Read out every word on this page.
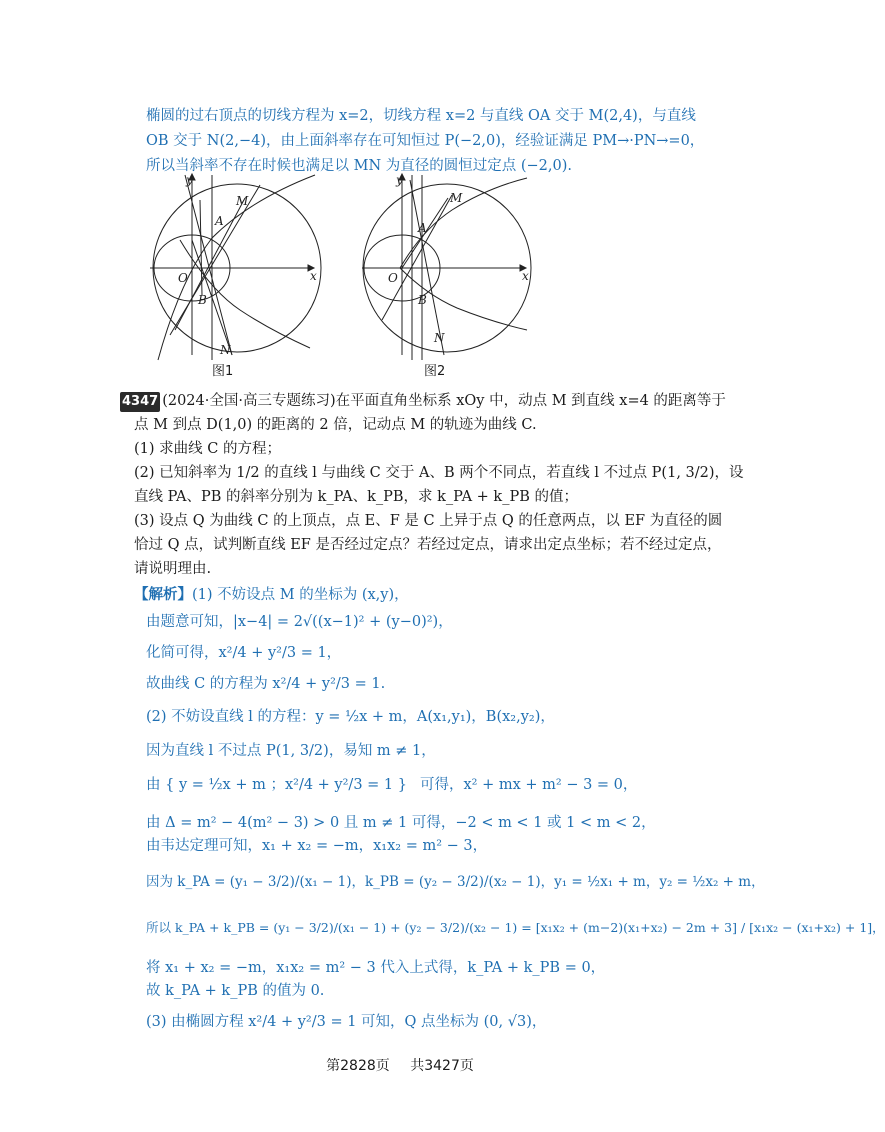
椭圆的过右顶点的切线方程为 x=2，切线方程 x=2 与直线 OA 交于 M(2,4)，与直线
OB 交于 N(2,−4)，由上面斜率存在可知恒过 P(−2,0)，经验证满足 PM→·PN→=0，
所以当斜率不存在时候也满足以 MN 为直径的圆恒过定点 (−2,0).
y
x
O
A
M
B
N
图1
y
x
O
A
M
B
N
图2
4347 (2024·全国·高三专题练习)在平面直角坐标系 xOy 中，动点 M 到直线 x=4 的距离等于
点 M 到点 D(1,0) 的距离的 2 倍，记动点 M 的轨迹为曲线 C.
(1) 求曲线 C 的方程；
(2) 已知斜率为 1/2 的直线 l 与曲线 C 交于 A、B 两个不同点，若直线 l 不过点 P(1, 3/2)，设
直线 PA、PB 的斜率分别为 k_PA、k_PB，求 k_PA + k_PB 的值；
(3) 设点 Q 为曲线 C 的上顶点，点 E、F 是 C 上异于点 Q 的任意两点，以 EF 为直径的圆
恰过 Q 点，试判断直线 EF 是否经过定点？若经过定点，请求出定点坐标；若不经过定点，
请说明理由.
【解析】(1) 不妨设点 M 的坐标为 (x,y)，
由题意可知，|x−4| = 2√((x−1)² + (y−0)²)，
化简可得，x²/4 + y²/3 = 1，
故曲线 C 的方程为 x²/4 + y²/3 = 1.
(2) 不妨设直线 l 的方程：y = ½x + m，A(x₁,y₁)，B(x₂,y₂)，
因为直线 l 不过点 P(1, 3/2)，易知 m ≠ 1，
由 { y = ½x + m ；x²/4 + y²/3 = 1 } 可得，x² + mx + m² − 3 = 0，
由 Δ = m² − 4(m² − 3) > 0 且 m ≠ 1 可得，−2 < m < 1 或 1 < m < 2，
由韦达定理可知，x₁ + x₂ = −m，x₁x₂ = m² − 3，
因为 k_PA = (y₁ − 3/2)/(x₁ − 1)，k_PB = (y₂ − 3/2)/(x₂ − 1)，y₁ = ½x₁ + m，y₂ = ½x₂ + m，
所以 k_PA + k_PB = (y₁ − 3/2)/(x₁ − 1) + (y₂ − 3/2)/(x₂ − 1) = [x₁x₂ + (m−2)(x₁+x₂) − 2m + 3] / [x₁x₂ − (x₁+x₂) + 1]，
将 x₁ + x₂ = −m，x₁x₂ = m² − 3 代入上式得，k_PA + k_PB = 0，
故 k_PA + k_PB 的值为 0.
(3) 由椭圆方程 x²/4 + y²/3 = 1 可知，Q 点坐标为 (0, √3)，
第2828页 共3427页
